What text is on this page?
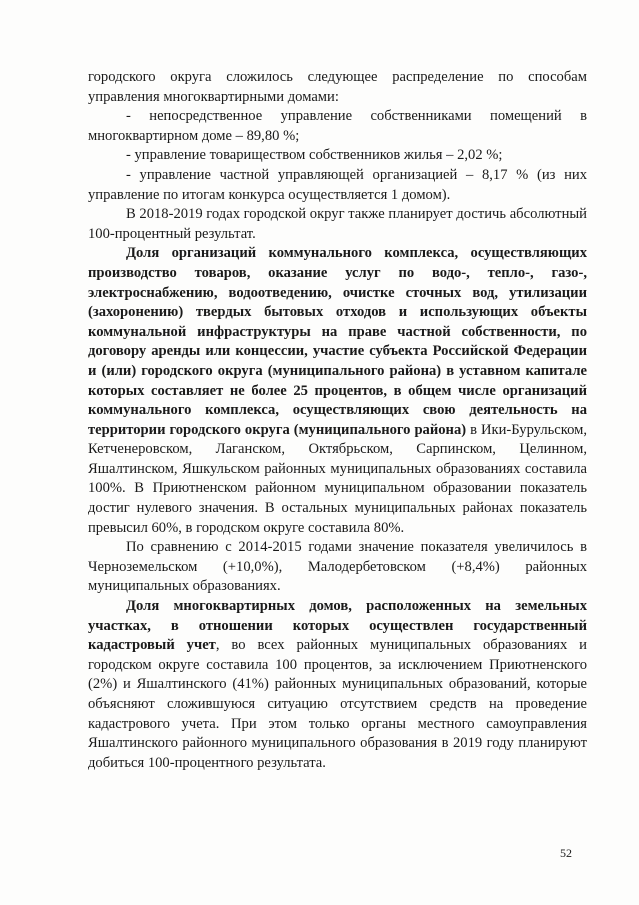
городского округа сложилось следующее распределение по способам управления многоквартирными домами:

- непосредственное управление собственниками помещений в многоквартирном доме – 89,80 %;

- управление товариществом собственников жилья – 2,02 %;

- управление частной управляющей организацией – 8,17 % (из них управление по итогам конкурса осуществляется 1 домом).

В 2018-2019 годах городской округ также планирует достичь абсолютный 100-процентный результат.

Доля организаций коммунального комплекса, осуществляющих производство товаров, оказание услуг по водо-, тепло-, газо-, электроснабжению, водоотведению, очистке сточных вод, утилизации (захоронению) твердых бытовых отходов и использующих объекты коммунальной инфраструктуры на праве частной собственности, по договору аренды или концессии, участие субъекта Российской Федерации и (или) городского округа (муниципального района) в уставном капитале которых составляет не более 25 процентов, в общем числе организаций коммунального комплекса, осуществляющих свою деятельность на территории городского округа (муниципального района) в Ики-Бурульском, Кетченеровском, Лаганском, Октябрьском, Сарпинском, Целинном, Яшалтинском, Яшкульском районных муниципальных образованиях составила 100%. В Приютненском районном муниципальном образовании показатель достиг нулевого значения. В остальных муниципальных районах показатель превысил 60%, в городском округе составила 80%.

По сравнению с 2014-2015 годами значение показателя увеличилось в Черноземельском (+10,0%), Малодербетовском (+8,4%) районных муниципальных образованиях.

Доля многоквартирных домов, расположенных на земельных участках, в отношении которых осуществлен государственный кадастровый учет, во всех районных муниципальных образованиях и городском округе составила 100 процентов, за исключением Приютненского (2%) и Яшалтинского (41%) районных муниципальных образований, которые объясняют сложившуюся ситуацию отсутствием средств на проведение кадастрового учета. При этом только органы местного самоуправления Яшалтинского районного муниципального образования в 2019 году планируют добиться 100-процентного результата.

52
